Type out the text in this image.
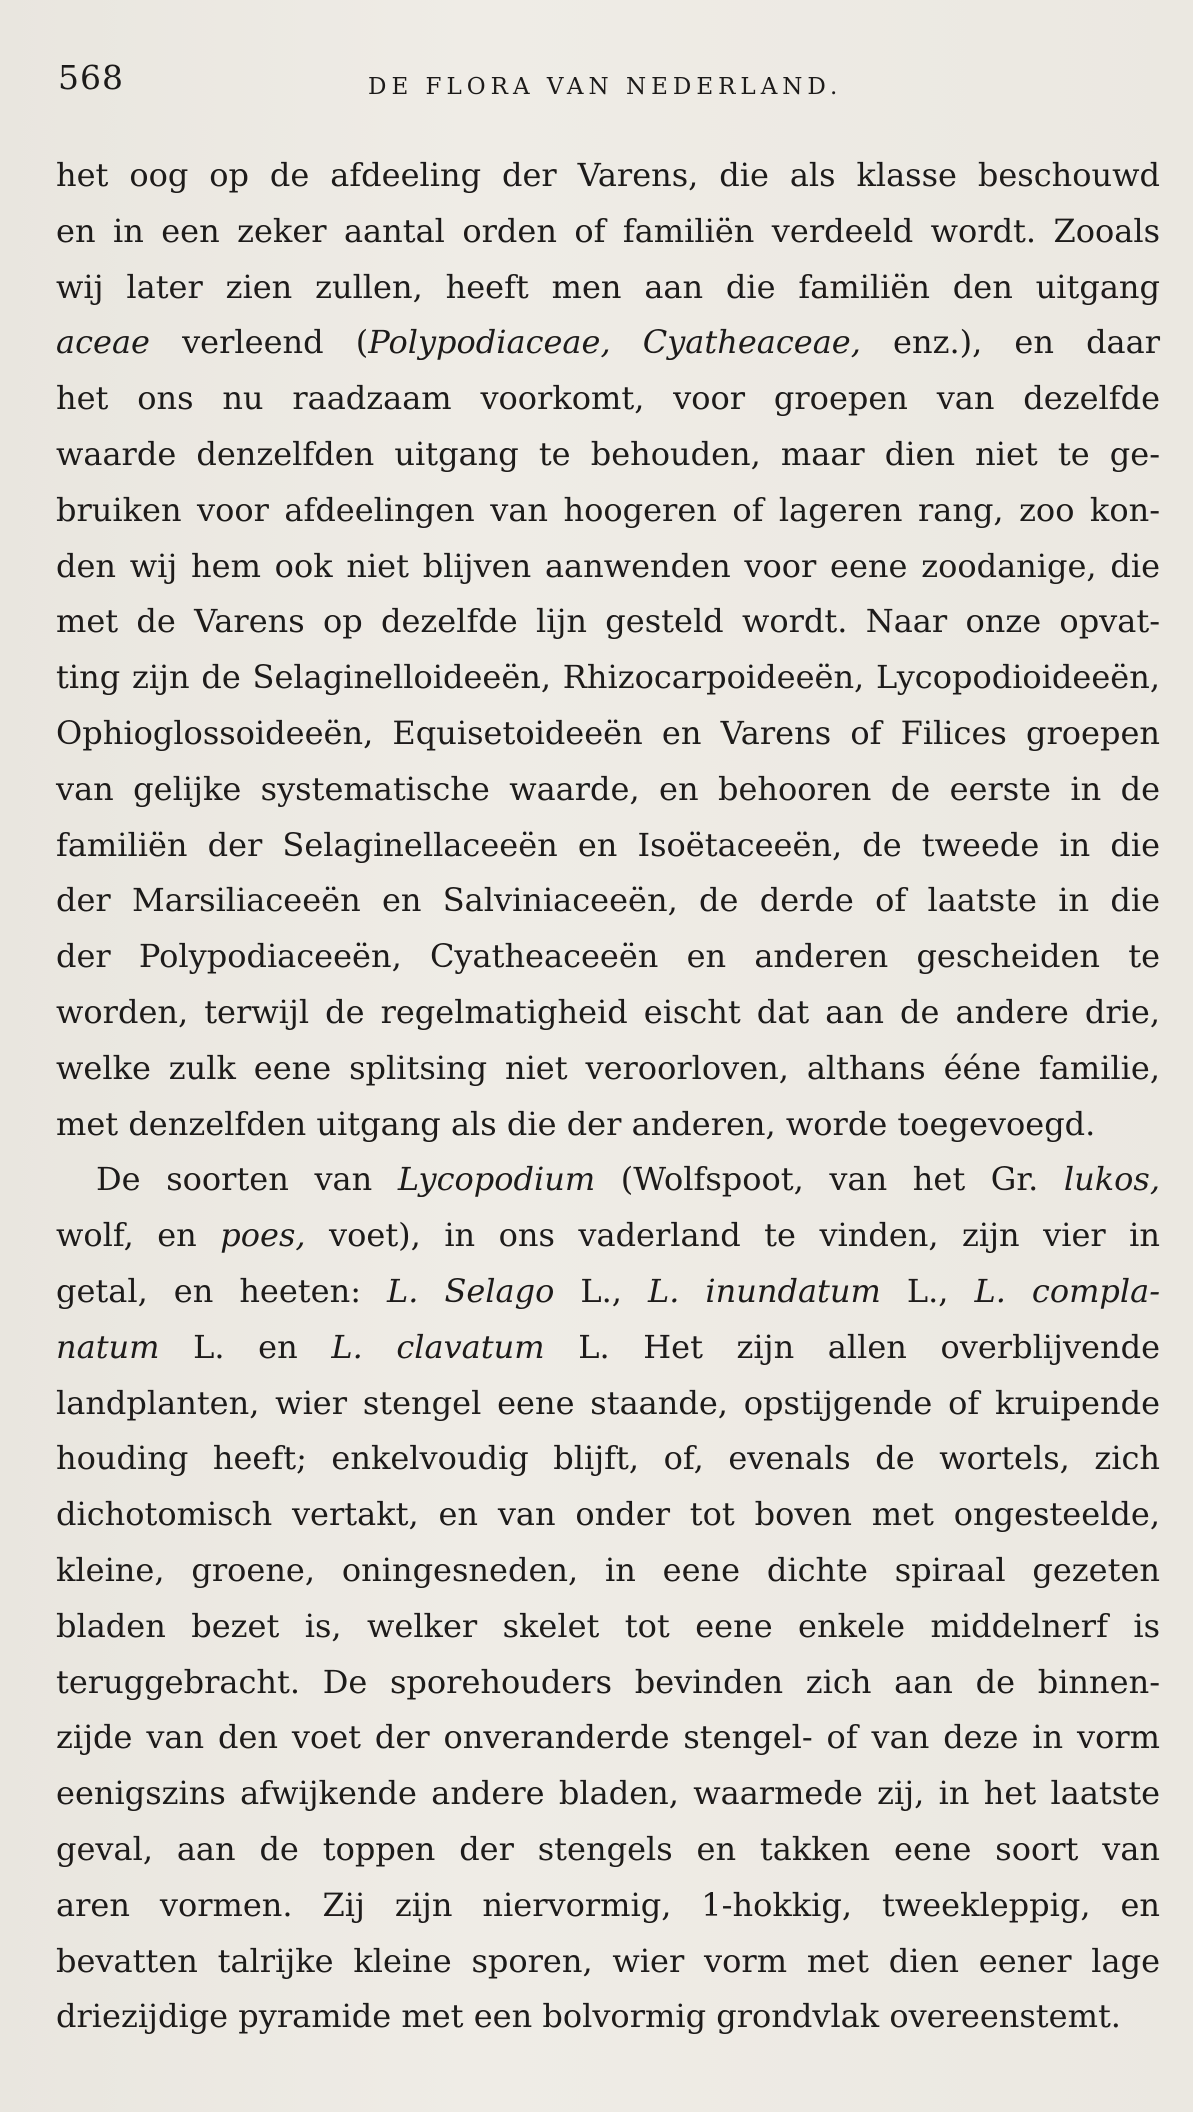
568	DE FLORA VAN NEDERLAND.
het oog op de afdeeling der Varens, die als klasse beschouwd
en in een zeker aantal orden of familiën verdeeld wordt. Zooals
wij later zien zullen, heeft men aan die familiën den uitgang
aceae verleend (Polypodiaceae, Cyatheaceae, enz.), en daar
het ons nu raadzaam voorkomt, voor groepen van dezelfde
waarde denzelfden uitgang te behouden, maar dien niet te ge-
bruiken voor afdeelingen van hoogeren of lageren rang, zoo kon-
den wij hem ook niet blijven aanwenden voor eene zoodanige, die
met de Varens op dezelfde lijn gesteld wordt. Naar onze opvat-
ting zijn de Selaginelloideeën, Rhizocarpoideeën, Lycopodioideeën,
Ophioglossoideeën, Equisetoideeën en Varens of Filices groepen
van gelijke systematische waarde, en behooren de eerste in de
familiën der Selaginellaceeën en Isoëtaceeën, de tweede in die
der Marsiliaceeën en Salviniaceeën, de derde of laatste in die
der Polypodiaceeën, Cyatheaceeën en anderen gescheiden te
worden, terwijl de regelmatigheid eischt dat aan de andere drie,
welke zulk eene splitsing niet veroorloven, althans ééne familie,
met denzelfden uitgang als die der anderen, worde toegevoegd.
De soorten van Lycopodium (Wolfspoot, van het Gr. lukos,
wolf, en poes, voet), in ons vaderland te vinden, zijn vier in
getal, en heeten: L. Selago L., L. inundatum L., L. compla-
natum L. en L. clavatum L. Het zijn allen overblijvende
landplanten, wier stengel eene staande, opstijgende of kruipende
houding heeft; enkelvoudig blijft, of, evenals de wortels, zich
dichotomisch vertakt, en van onder tot boven met ongesteelde,
kleine, groene, oningesneden, in eene dichte spiraal gezeten
bladen bezet is, welker skelet tot eene enkele middelnerf is
teruggebracht. De sporehouders bevinden zich aan de binnen-
zijde van den voet der onveranderde stengel- of van deze in vorm
eenigszins afwijkende andere bladen, waarmede zij, in het laatste
geval, aan de toppen der stengels en takken eene soort van
aren vormen. Zij zijn niervormig, 1-hokkig, tweekleppig, en
bevatten talrijke kleine sporen, wier vorm met dien eener lage
driezijdige pyramide met een bolvormig grondvlak overeenstemt.
